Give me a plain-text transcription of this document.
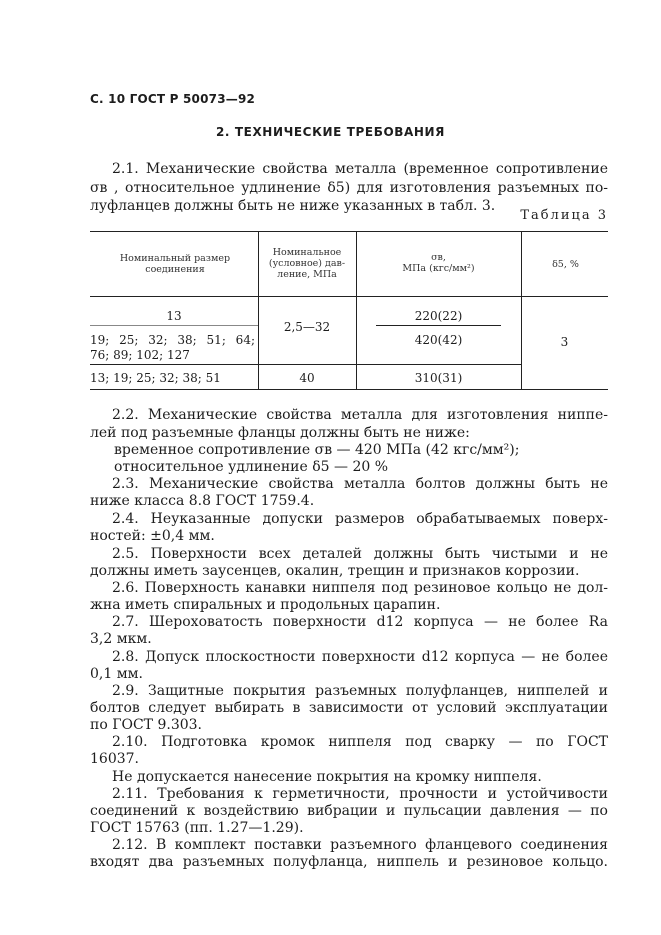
С. 10 ГОСТ Р 50073—92
2. ТЕХНИЧЕСКИЕ ТРЕБОВАНИЯ
2.1. Механические свойства металла (временное сопротивление
σв , относительное удлинение δ5) для изготовления разъемных по-
луфланцев должны быть не ниже указанных в табл. 3.
Таблица 3
Номинальный размер
соединения
Номинальное
(условное) дав-
ление, МПа
σв,
МПа (кгс/мм²)	δ5, %
13
19; 25; 32; 38; 51; 64;
76; 89; 102; 127
13; 19; 25; 32; 38; 51
2,5—32
40
220(22)
420(42)
310(31)
3
2.2. Механические свойства металла для изготовления ниппе-
лей под разъемные фланцы должны быть не ниже:
временное сопротивление σв — 420 МПа (42 кгс/мм²);
относительное удлинение δ5 — 20 %
2.3. Механические свойства металла болтов должны быть не
ниже класса 8.8 ГОСТ 1759.4.
2.4. Неуказанные допуски размеров обрабатываемых поверх-
ностей: ±0,4 мм.
2.5. Поверхности всех деталей должны быть чистыми и не
должны иметь заусенцев, окалин, трещин и признаков коррозии.
2.6. Поверхность канавки ниппеля под резиновое кольцо не дол-
жна иметь спиральных и продольных царапин.
2.7. Шероховатость поверхности d12 корпуса — не более Ra
3,2 мкм.
2.8. Допуск плоскостности поверхности d12 корпуса — не более
0,1 мм.
2.9. Защитные покрытия разъемных полуфланцев, ниппелей и
болтов следует выбирать в зависимости от условий эксплуатации
по ГОСТ 9.303.
2.10. Подготовка кромок ниппеля под сварку — по ГОСТ
16037.
Не допускается нанесение покрытия на кромку ниппеля.
2.11. Требования к герметичности, прочности и устойчивости
соединений к воздействию вибрации и пульсации давления — по
ГОСТ 15763 (пп. 1.27—1.29).
2.12. В комплект поставки разъемного фланцевого соединения
входят два разъемных полуфланца, ниппель и резиновое кольцо.
